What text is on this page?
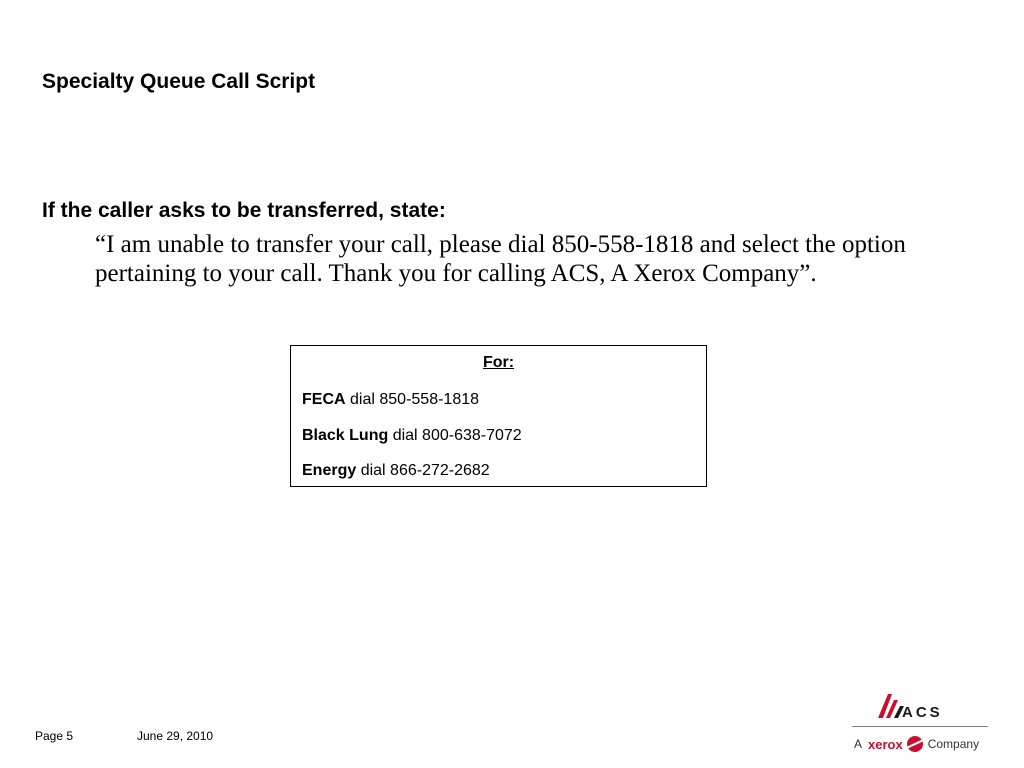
Specialty Queue Call Script
If the caller asks to be transferred, state:
“I am unable to transfer your call, please dial 850-558-1818 and select the option pertaining to your call. Thank you for calling ACS, A Xerox Company”.
For:
FECA dial 850-558-1818
Black Lung dial 800-638-7072
Energy dial 866-272-2682
Page 5	June 29, 2010
ACS
A xerox Company
